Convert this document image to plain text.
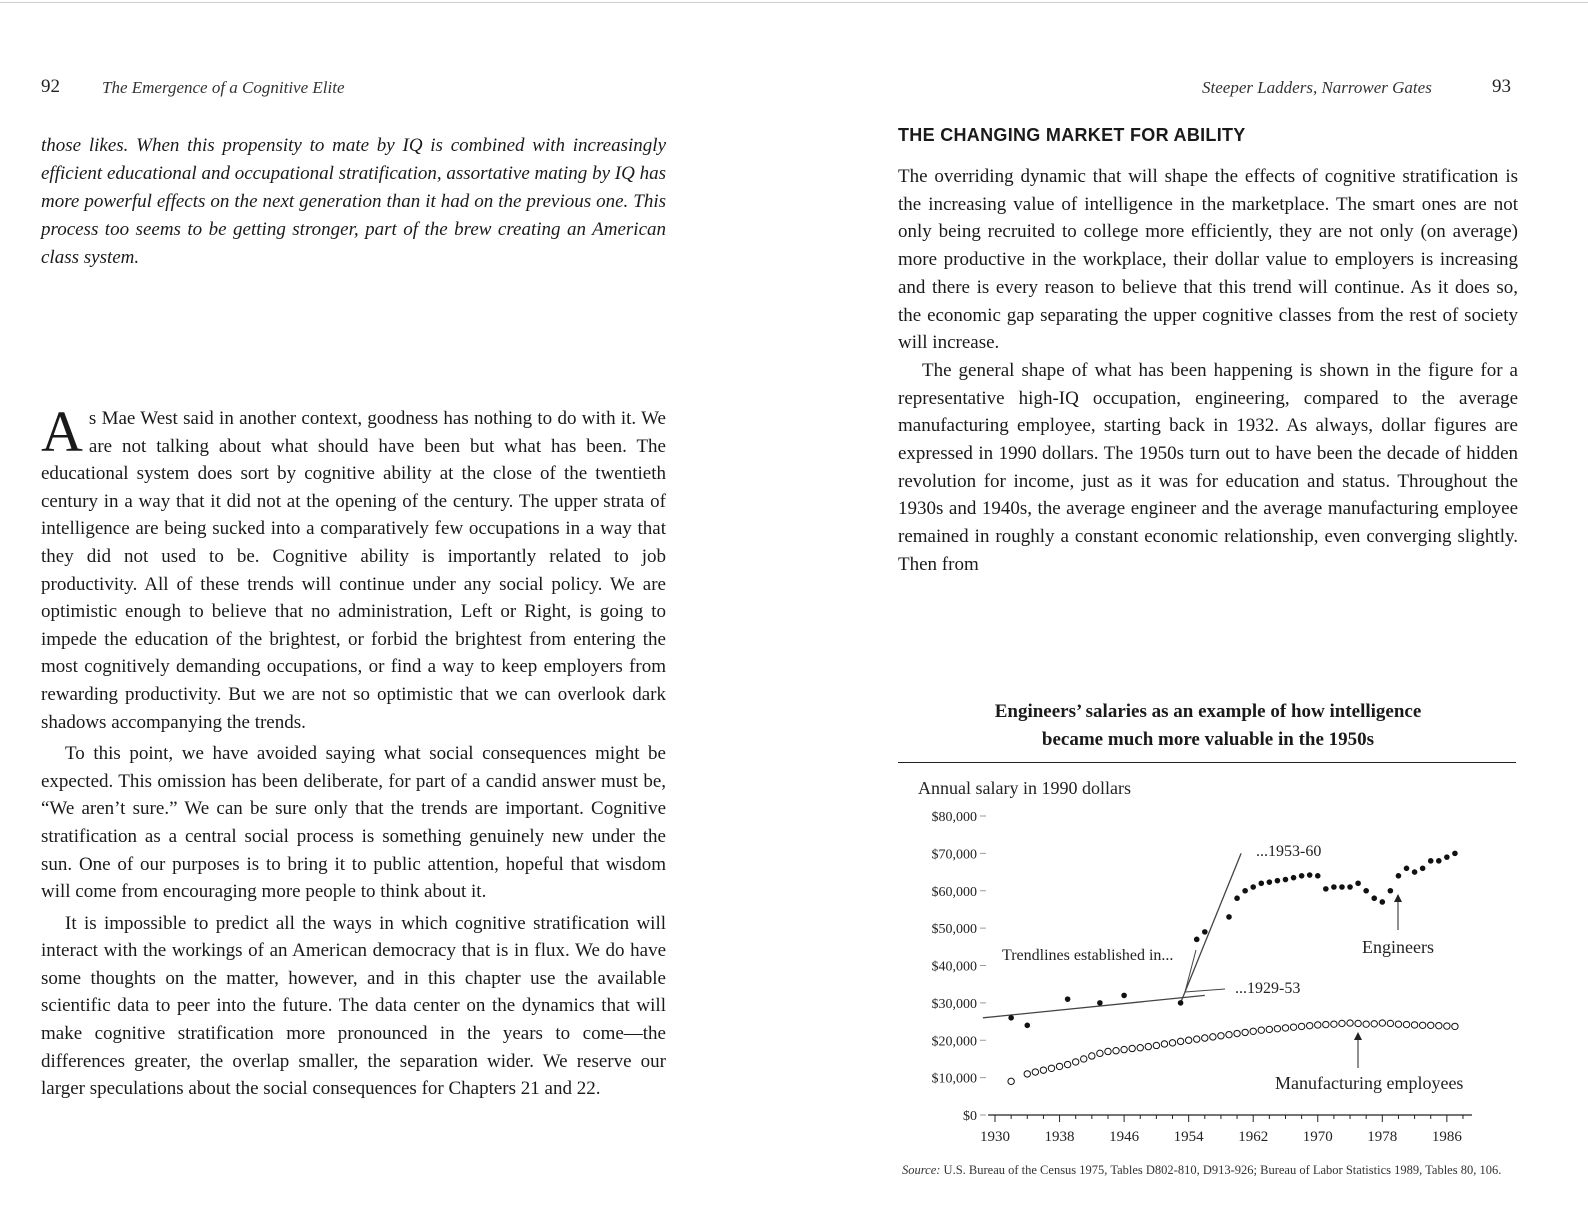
92 The Emergence of a Cognitive Elite

those likes. When this propensity to mate by IQ is combined with increasingly efficient educational and occupational stratification, assortative mating by IQ has more powerful effects on the next generation than it had on the previous one. This process too seems to be getting stronger, part of the brew creating an American class system.

As Mae West said in another context, goodness has nothing to do with it. We are not talking about what should have been but what has been. The educational system does sort by cognitive ability at the close of the twentieth century in a way that it did not at the opening of the century. The upper strata of intelligence are being sucked into a comparatively few occupations in a way that they did not used to be. Cognitive ability is importantly related to job productivity. All of these trends will continue under any social policy. We are optimistic enough to believe that no administration, Left or Right, is going to impede the education of the brightest, or forbid the brightest from entering the most cognitively demanding occupations, or find a way to keep employers from rewarding productivity. But we are not so optimistic that we can overlook dark shadows accompanying the trends.

To this point, we have avoided saying what social consequences might be expected. This omission has been deliberate, for part of a candid answer must be, “We aren’t sure.” We can be sure only that the trends are important. Cognitive stratification as a central social process is something genuinely new under the sun. One of our purposes is to bring it to public attention, hopeful that wisdom will come from encouraging more people to think about it.

It is impossible to predict all the ways in which cognitive stratification will interact with the workings of an American democracy that is in flux. We do have some thoughts on the matter, however, and in this chapter use the available scientific data to peer into the future. The data center on the dynamics that will make cognitive stratification more pronounced in the years to come—the differences greater, the overlap smaller, the separation wider. We reserve our larger speculations about the social consequences for Chapters 21 and 22.

Steeper Ladders, Narrower Gates	93
THE CHANGING MARKET FOR ABILITY

The overriding dynamic that will shape the effects of cognitive stratification is the increasing value of intelligence in the marketplace. The smart ones are not only being recruited to college more efficiently, they are not only (on average) more productive in the workplace, their dollar value to employers is increasing and there is every reason to believe that this trend will continue. As it does so, the economic gap separating the upper cognitive classes from the rest of society will increase.

The general shape of what has been happening is shown in the figure for a representative high-IQ occupation, engineering, compared to the average manufacturing employee, starting back in 1932. As always, dollar figures are expressed in 1990 dollars. The 1950s turn out to have been the decade of hidden revolution for income, just as it was for education and status. Throughout the 1930s and 1940s, the average engineer and the average manufacturing employee remained in roughly a constant economic relationship, even converging slightly. Then from

Engineers’ salaries as an example of how intelligence
became much more valuable in the 1950s
Annual salary in 1990 dollars
$0
$10,000
$20,000
$30,000
$40,000
$50,000
$60,000
$70,000
$80,000
1930 1938 1946 1954 1962 1970 1978 1986
Trendlines established in...
...1929-53
...1953-60
Engineers
Manufacturing employees
Source: U.S. Bureau of the Census 1975, Tables D802-810, D913-926; Bureau of Labor Statistics 1989, Tables 80, 106.
